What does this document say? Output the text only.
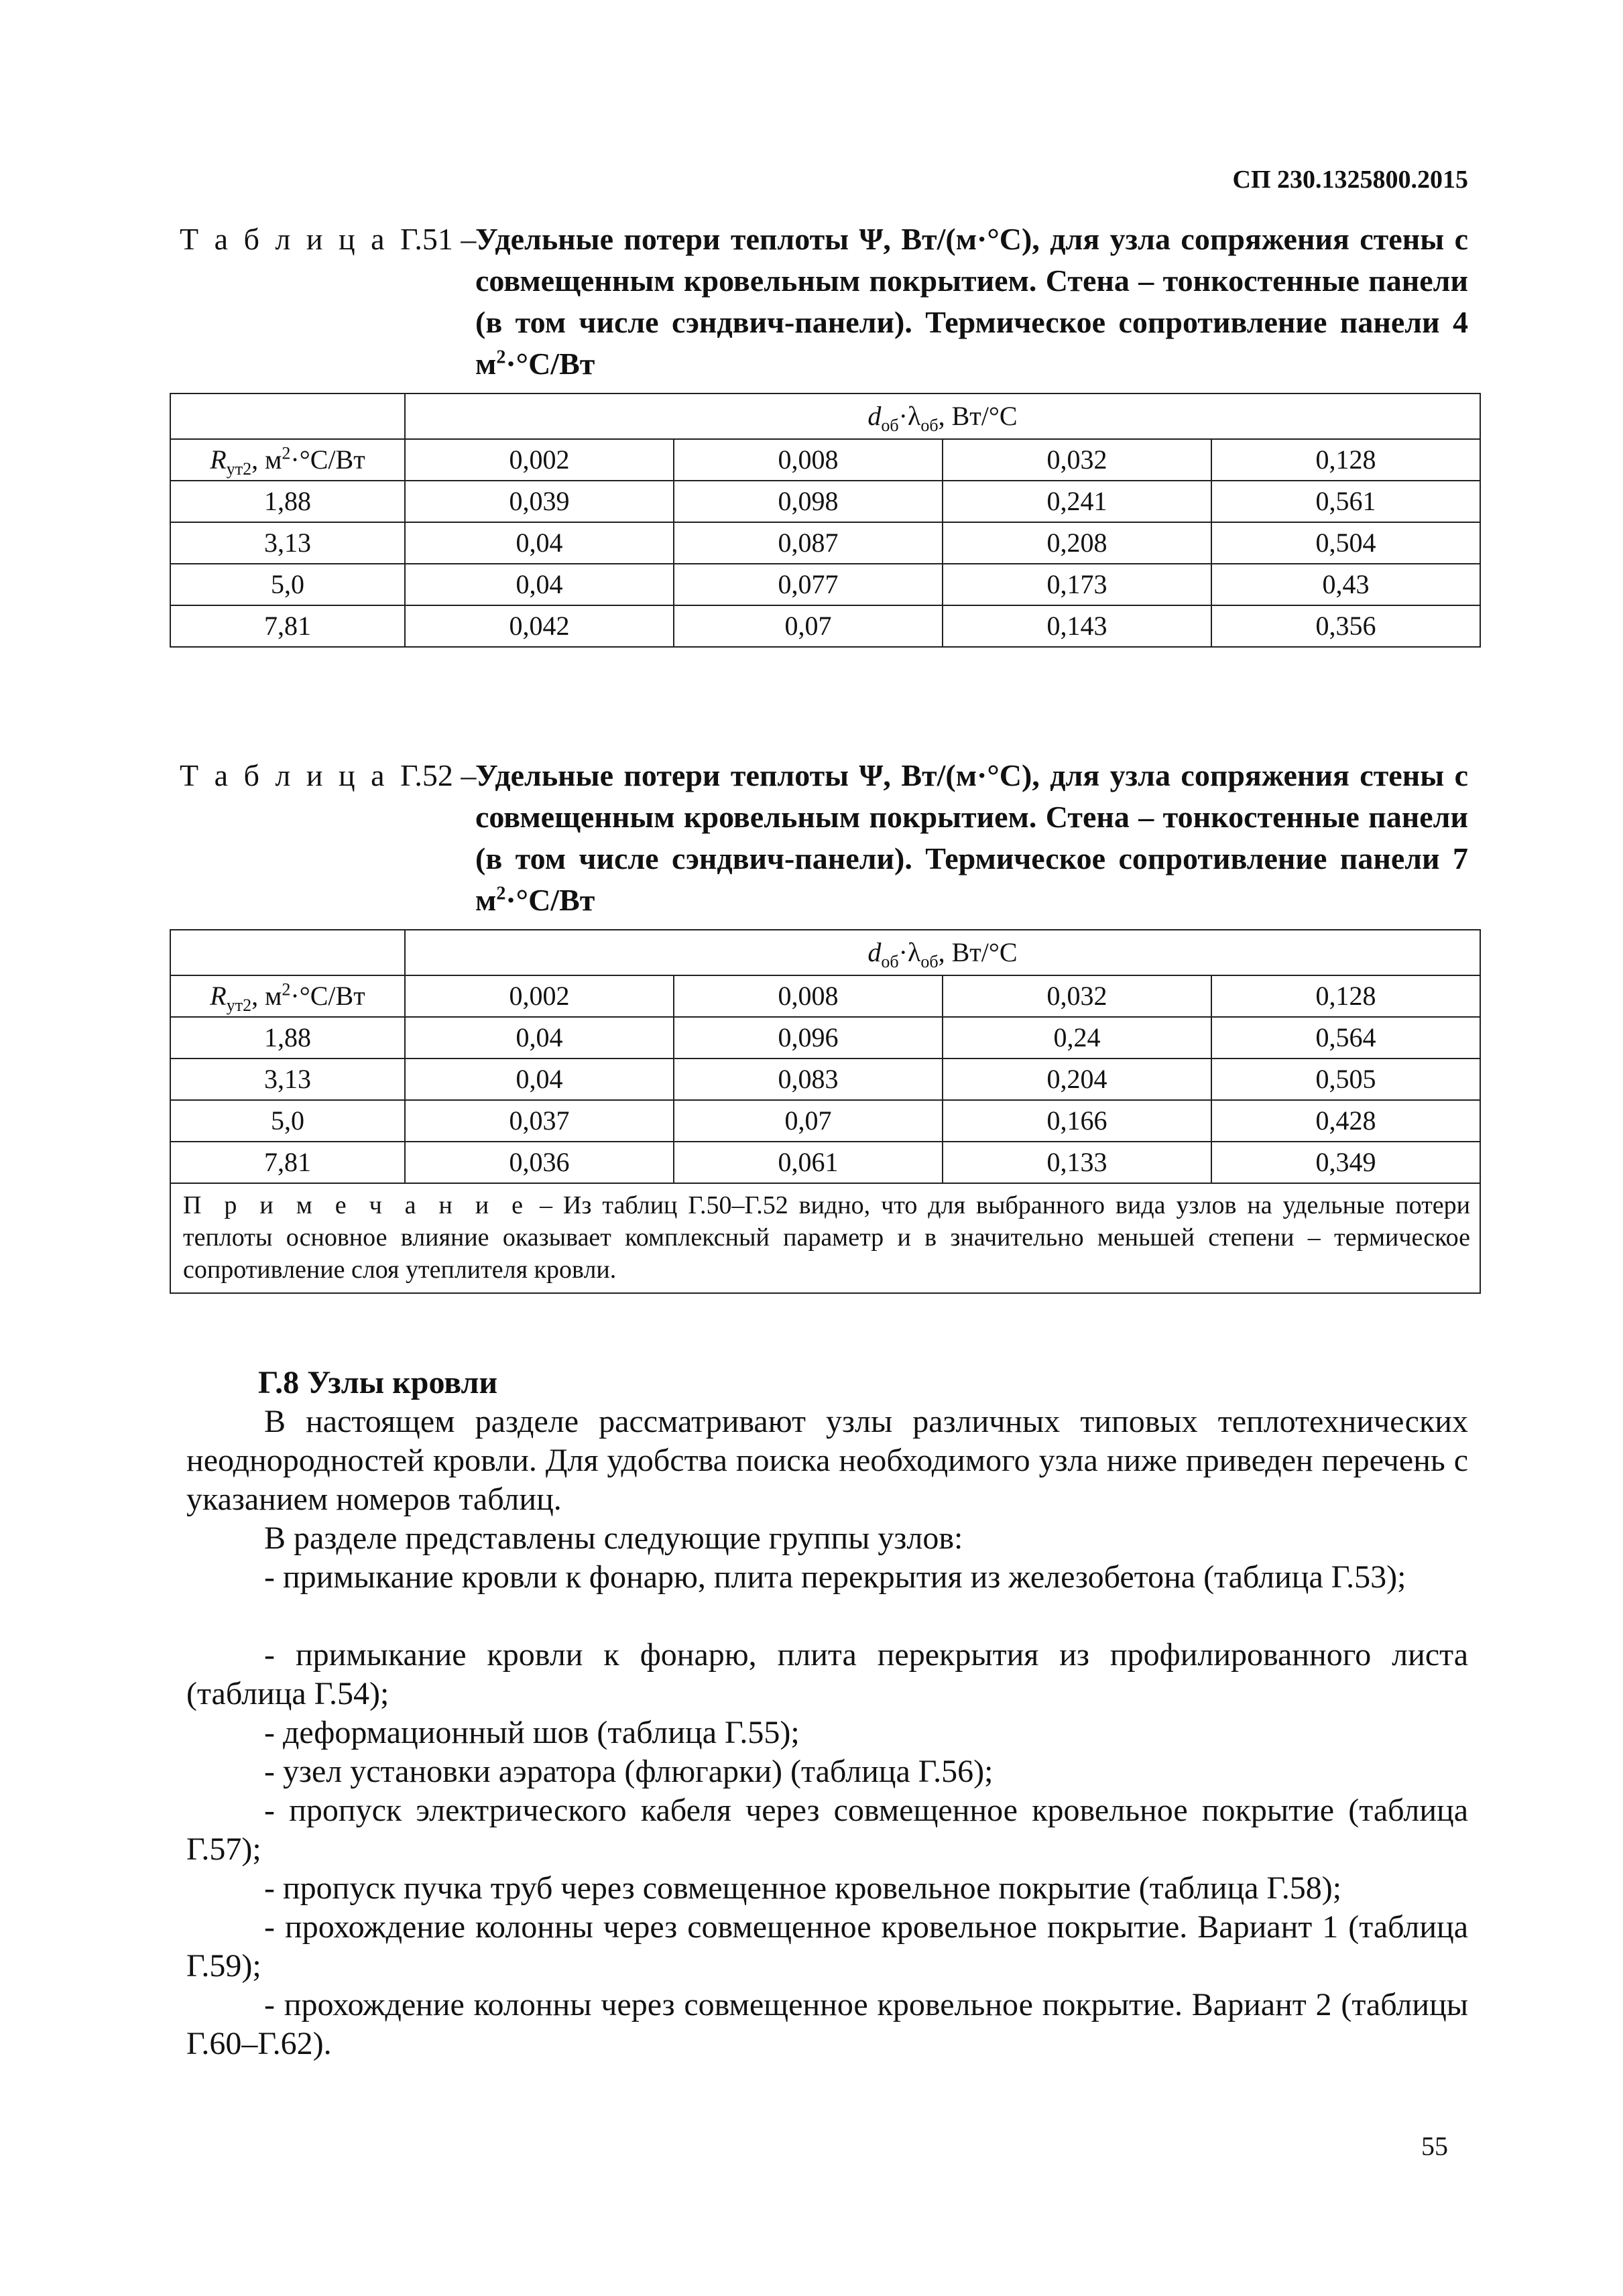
СП 230.1325800.2015
Т а б л и ц а Г.51 –
Удельные потери теплоты Ψ, Вт/(м·°С), для узла сопряжения стены с совмещенным кровельным покрытием. Стена – тонкостенные панели (в том числе сэндвич-панели). Термическое сопротивление панели 4 $м^2\cdot^\circ С/Вт$
	$d_{об}\cdot\lambda_{об}$, Вт/°С			
$R_{ут2}$, $м^2\cdot^\circ С/Вт$	0,002	0,008	0,032	0,128
1,88	0,039	0,098	0,241	0,561
3,13	0,04	0,087	0,208	0,504
5,0	0,04	0,077	0,173	0,43
7,81	0,042	0,07	0,143	0,356
Т а б л и ц а Г.52 –
Удельные потери теплоты Ψ, Вт/(м·°С), для узла сопряжения стены с совмещенным кровельным покрытием. Стена – тонкостенные панели (в том числе сэндвич-панели). Термическое сопротивление панели 7 $м^2\cdot^\circ С/Вт$
	$d_{об}\cdot\lambda_{об}$, Вт/°С			
$R_{ут2}$, $м^2\cdot^\circ С/Вт$	0,002	0,008	0,032	0,128
1,88	0,04	0,096	0,24	0,564
3,13	0,04	0,083	0,204	0,505
5,0	0,037	0,07	0,166	0,428
7,81	0,036	0,061	0,133	0,349
П р и м е ч а н и е – Из таблиц Г.50–Г.52 видно, что для выбранного вида узлов на удельные потери теплоты основное влияние оказывает комплексный параметр и в значительно меньшей степени – термическое сопротивление слоя утеплителя кровли.				
Г.8 Узлы кровли
В настоящем разделе рассматривают узлы различных типовых теплотехнических неоднородностей кровли. Для удобства поиска необходимого узла ниже приведен перечень с указанием номеров таблиц.
В разделе представлены следующие группы узлов:
- примыкание кровли к фонарю, плита перекрытия из железобетона (таблица Г.53);
- примыкание кровли к фонарю, плита перекрытия из профилированного листа (таблица Г.54);
- деформационный шов (таблица Г.55);
- узел установки аэратора (флюгарки) (таблица Г.56);
- пропуск электрического кабеля через совмещенное кровельное покрытие (таблица Г.57);
- пропуск пучка труб через совмещенное кровельное покрытие (таблица Г.58);
- прохождение колонны через совмещенное кровельное покрытие. Вариант 1 (таблица Г.59);
- прохождение колонны через совмещенное кровельное покрытие. Вариант 2 (таблицы Г.60–Г.62).
55
